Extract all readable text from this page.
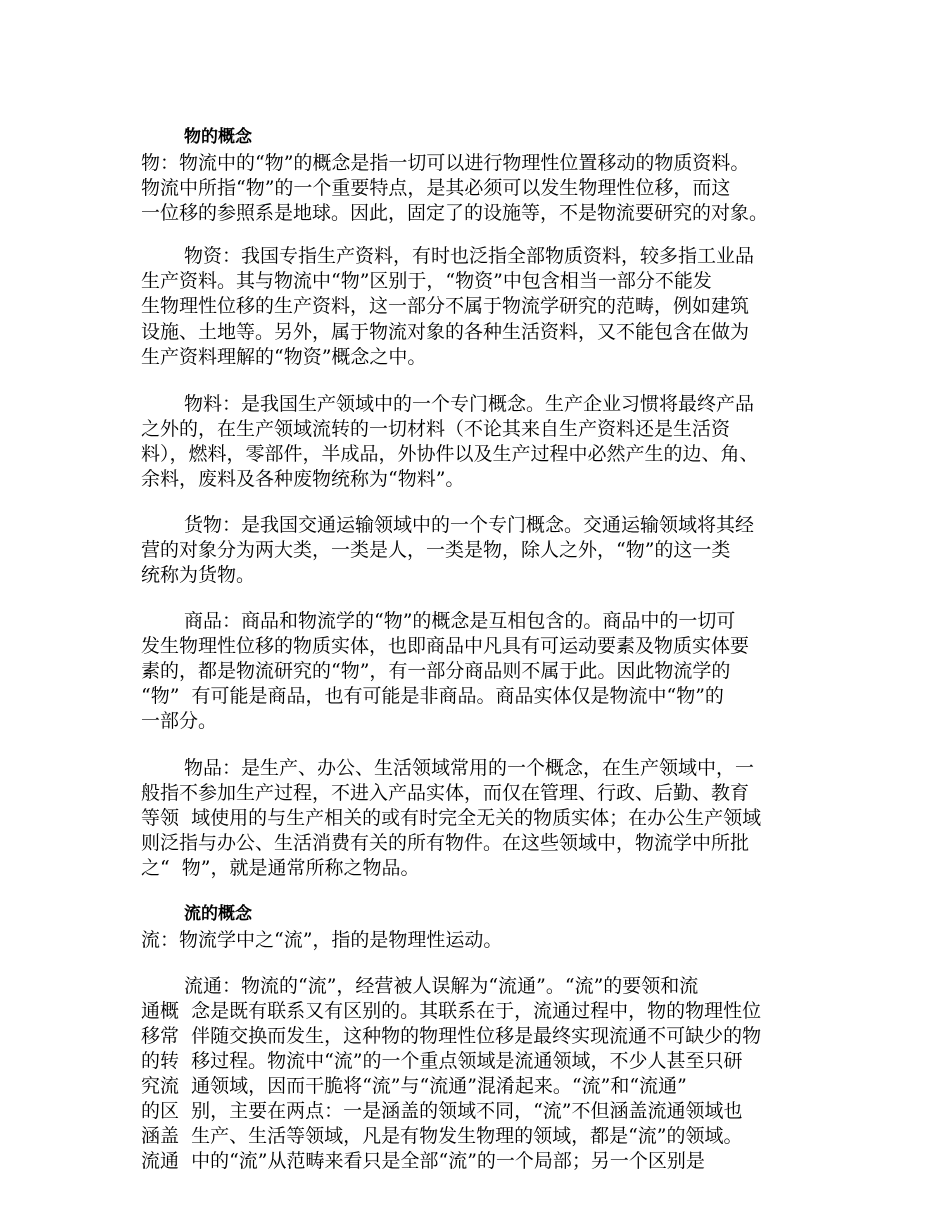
物的概念
物：物流中的“物”的概念是指一切可以进行物理性位置移动的物质资料。
物流中所指“物”的一个重要特点，是其必须可以发生物理性位移，而这
一位移的参照系是地球。因此，固定了的设施等，不是物流要研究的对象。
物资：我国专指生产资料，有时也泛指全部物质资料，较多指工业品
生产资料。其与物流中“物”区别于，“物资”中包含相当一部分不能发
生物理性位移的生产资料，这一部分不属于物流学研究的范畴，例如建筑
设施、土地等。另外，属于物流对象的各种生活资料，又不能包含在做为
生产资料理解的“物资”概念之中。
物料：是我国生产领域中的一个专门概念。生产企业习惯将最终产品
之外的，在生产领域流转的一切材料（不论其来自生产资料还是生活资
料），燃料，零部件，半成品，外协件以及生产过程中必然产生的边、角、
余料，废料及各种废物统称为“物料”。
货物：是我国交通运输领域中的一个专门概念。交通运输领域将其经
营的对象分为两大类，一类是人，一类是物，除人之外，“物”的这一类
统称为货物。
商品：商品和物流学的“物”的概念是互相包含的。商品中的一切可
发生物理性位移的物质实体，也即商品中凡具有可运动要素及物质实体要
素的，都是物流研究的“物”，有一部分商品则不属于此。因此物流学的
“物”  有可能是商品，也有可能是非商品。商品实体仅是物流中“物”的
一部分。
物品：是生产、办公、生活领域常用的一个概念，在生产领域中，一
般指不参加生产过程，不进入产品实体，而仅在管理、行政、后勤、教育
等领  域使用的与生产相关的或有时完全无关的物质实体；在办公生产领域
则泛指与办公、生活消费有关的所有物件。在这些领域中，物流学中所批
之“  物”，就是通常所称之物品。
流的概念
流：物流学中之“流”，指的是物理性运动。
流通：物流的“流”，经营被人误解为“流通”。“流”的要领和流
通概  念是既有联系又有区别的。其联系在于，流通过程中，物的物理性位
移常  伴随交换而发生，这种物的物理性位移是最终实现流通不可缺少的物
的转  移过程。物流中“流”的一个重点领域是流通领域，不少人甚至只研
究流  通领域，因而干脆将“流”与“流通”混淆起来。“流”和“流通”
的区  别，主要在两点：一是涵盖的领域不同，“流”不但涵盖流通领域也
涵盖  生产、生活等领域，凡是有物发生物理的领域，都是“流”的领域。
流通  中的“流”从范畴来看只是全部“流”的一个局部；另一个区别是
